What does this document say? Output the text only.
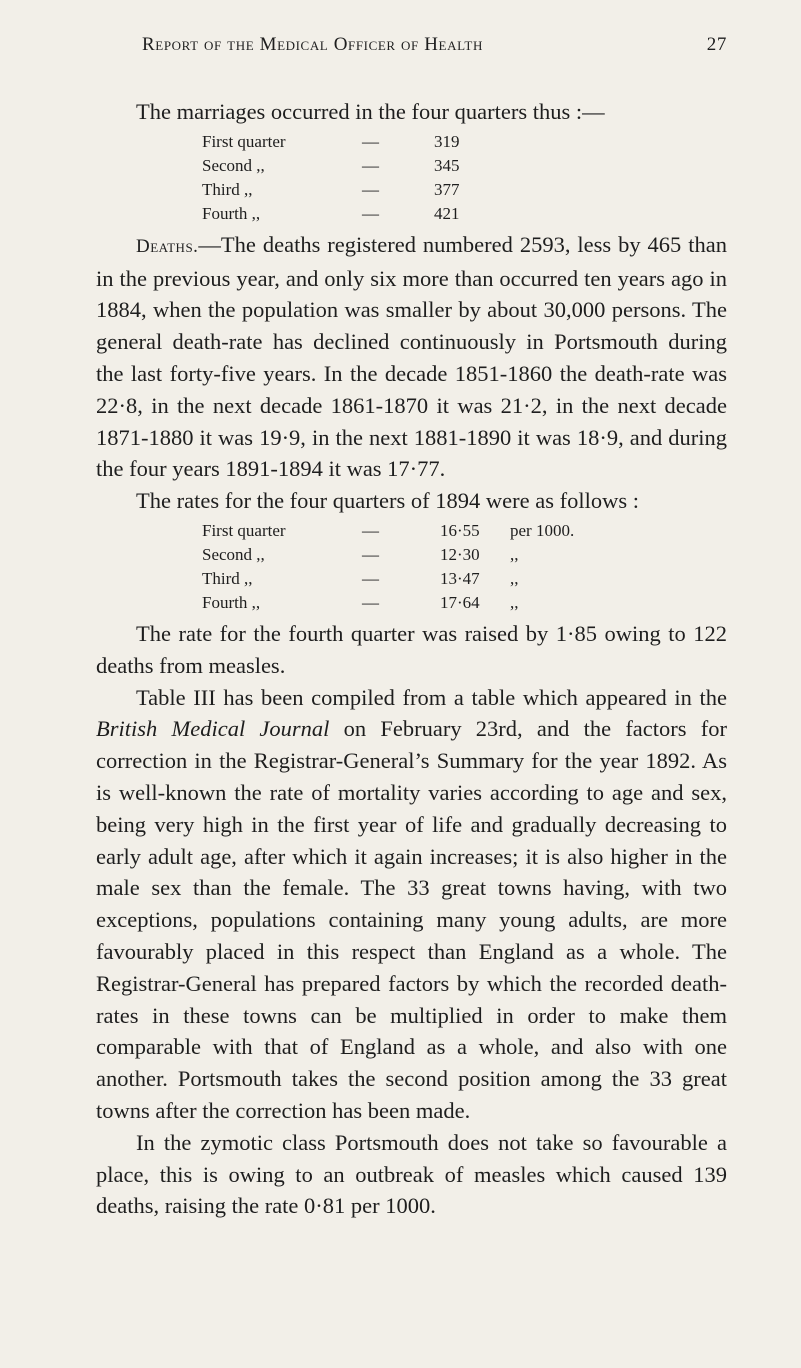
Report of the Medical Officer of Health	27

The marriages occurred in the four quarters thus :—

First quarter	—	319
Second ,,	—	345
Third ,,	—	377
Fourth ,,	—	421

Deaths.—The deaths registered numbered 2593, less by 465 than in the previous year, and only six more than occurred ten years ago in 1884, when the population was smaller by about 30,000 persons. The general death-rate has declined continuously in Portsmouth during the last forty-five years. In the decade 1851-1860 the death-rate was 22·8, in the next decade 1861-1870 it was 21·2, in the next decade 1871-1880 it was 19·9, in the next 1881-1890 it was 18·9, and during the four years 1891-1894 it was 17·77.

The rates for the four quarters of 1894 were as follows :

First quarter	—	16·55	per 1000.
Second ,,	—	12·30	,,
Third ,,	—	13·47	,,
Fourth ,,	—	17·64	,,

The rate for the fourth quarter was raised by 1·85 owing to 122 deaths from measles.

Table III has been compiled from a table which appeared in the British Medical Journal on February 23rd, and the factors for correction in the Registrar-General’s Summary for the year 1892. As is well-known the rate of mortality varies according to age and sex, being very high in the first year of life and gradually decreasing to early adult age, after which it again increases; it is also higher in the male sex than the female. The 33 great towns having, with two exceptions, populations containing many young adults, are more favourably placed in this respect than England as a whole. The Registrar-General has prepared factors by which the recorded death-rates in these towns can be multiplied in order to make them comparable with that of England as a whole, and also with one another. Portsmouth takes the second position among the 33 great towns after the correction has been made.

In the zymotic class Portsmouth does not take so favourable a place, this is owing to an outbreak of measles which caused 139 deaths, raising the rate 0·81 per 1000.
